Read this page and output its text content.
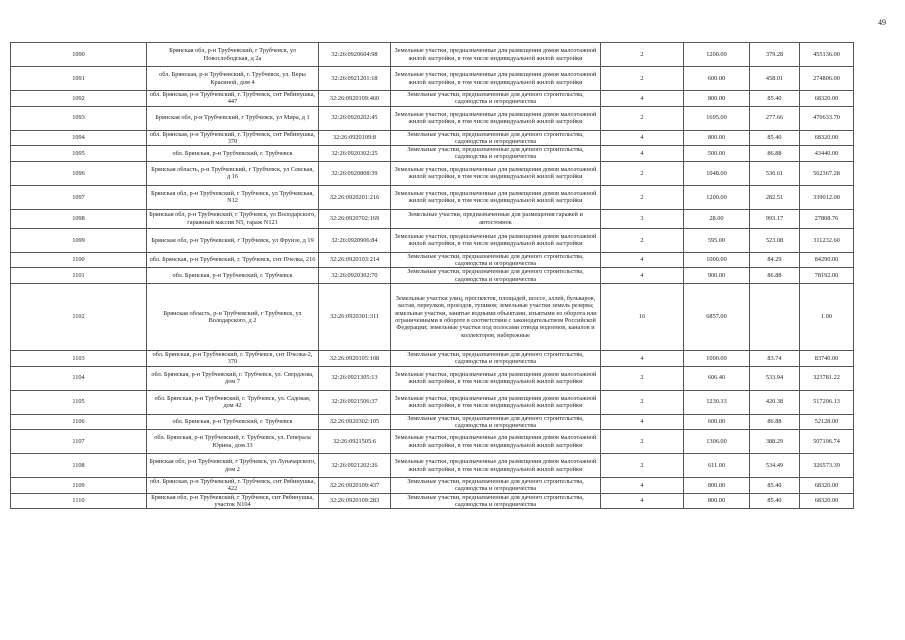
49
1090	Брянская обл, р-н Трубчевский, г Трубчевск, ул Новослободская, д 2а	32:26:0920604:98	Земельные участки, предназначенные для размещения домов малоэтажной жилой застройки, в том числе индивидуальной жилой застройки	2	1200.00	379.28	455136.00
1091	обл. Брянская, р-н Трубчевский, г. Трубчевск, ул. Веры Красиной, дом 4	32:26:0921201:18	Земельные участки, предназначенные для размещения домов малоэтажной жилой застройки, в том числе индивидуальной жилой застройки	2	600.00	458.01	274806.00
1092	обл. Брянская, р-н Трубчевский, г. Трубчевск, снт Рябинушка, 447	32:26:0920109:460	Земельные участки, предназначенные для дачного строительства, садоводства и огородничества	4	800.00	85.40	68320.00
1093	Брянская обл, р-н Трубчевский, г Трубчевск, ул Мира, д 1	32:26:0920202:45	Земельные участки, предназначенные для размещения домов малоэтажной жилой застройки, в том числе индивидуальной жилой застройки	2	1695.00	277.66	470633.70
1094	обл. Брянская, р-н Трубчевский, г. Трубчевск, снт Рябинушка, 370	32:26:0920109:8	Земельные участки, предназначенные для дачного строительства, садоводства и огородничества	4	800.00	85.40	68320.00
1095	обл. Брянская, р-н Трубчевский, г. Трубчевск	32:26:0920302:25	Земельные участки, предназначенные для дачного строительства, садоводства и огородничества	4	500.00	86.88	43440.00
1096	Брянская область, р-н Трубчевский, г Трубчевск, ул Севская, д 16	32:26:0920808:39	Земельные участки, предназначенные для размещения домов малоэтажной жилой застройки, в том числе индивидуальной жилой застройки	2	1048.00	536.61	562367.28
1097	Брянская обл, р-н Трубчевский, г Трубчевск, ул Трубчевская, N12	32:26:0920201:216	Земельные участки, предназначенные для размещения домов малоэтажной жилой застройки, в том числе индивидуальной жилой застройки	2	1200.00	282.51	339012.00
1098	Брянская обл, р-н Трубчевский, г Трубчевск, ул Володарского, гаражный массив N5, гараж N121	32:26:0920702:169	Земельные участки, предназначенные для размещения гаражей и автостоянок	3	28.00	993.17	27808.76
1099	Брянская обл, р-н Трубчевский, г Трубчевск, ул Фрунзе, д 19	32:26:0920906:84	Земельные участки, предназначенные для размещения домов малоэтажной жилой застройки, в том числе индивидуальной жилой застройки	2	595.00	523.08	311232.60
1100	обл. Брянская, р-н Трубчевский, г. Трубчевск, снт Пчелка, 216	32:26:0920103:214	Земельные участки, предназначенные для дачного строительства, садоводства и огородничества	4	1000.00	84.29	84290.00
1101	обл. Брянская, р-н Трубчевский, г. Трубчевск	32:26:0920302:70	Земельные участки, предназначенные для дачного строительства, садоводства и огородничества	4	900.00	86.88	78192.00
1102	Брянская область, р-н Трубчевский, г Трубчевск, ул Володарского, д 2	32:26:0920301:311	Земельные участки улиц, проспектов, площадей, шоссе, аллей, бульваров, застав, переулков, проездов, тупиков; земельные участки земель резерва; земельные участки, занятые водными объектами, изъятыми из оборота или ограниченными в обороте в соответствии с законодательством Российской Федерации; земельные участки под полосами отвода водоемов, каналов и коллекторов, набережные	16	6857.00		1.00
1103	обл. Брянская, р-н Трубчевский, г. Трубчевск, снт Пчелка-2, 370	32:26:0920105:108	Земельные участки, предназначенные для дачного строительства, садоводства и огородничества	4	1000.00	83.74	83740.00
1104	обл. Брянская, р-н Трубчевский, г. Трубчевск, ул. Свердлова, дом 7	32:26:0921305:13	Земельные участки, предназначенные для размещения домов малоэтажной жилой застройки, в том числе индивидуальной жилой застройки	2	606.40	533.94	323781.22
1105	обл. Брянская, р-н Трубчевский, г. Трубчевск, ул. Садовая, дом 42	32:26:0921506:37	Земельные участки, предназначенные для размещения домов малоэтажной жилой застройки, в том числе индивидуальной жилой застройки	2	1230.33	420.38	517206.13
1106	обл. Брянская, р-н Трубчевский, г. Трубчевск	32:26:0920302:105	Земельные участки, предназначенные для дачного строительства, садоводства и огородничества	4	600.00	86.88	52128.00
1107	обл. Брянская, р-н Трубчевский, г. Трубчевск, ул. Генерала Юрина, дом 33	32:26:0921505:6	Земельные участки, предназначенные для размещения домов малоэтажной жилой застройки, в том числе индивидуальной жилой застройки	2	1306.00	388.29	507106.74
1108	Брянская обл, р-н Трубчевский, г Трубчевск, ул Луначарского, дом 2	32:26:0921202:26	Земельные участки, предназначенные для размещения домов малоэтажной жилой застройки, в том числе индивидуальной жилой застройки	2	611.00	534.49	326573.39
1109	обл. Брянская, р-н Трубчевский, г. Трубчевск, снт Рябинушка, 422	32:26:0920109:437	Земельные участки, предназначенные для дачного строительства, садоводства и огородничества	4	800.00	85.40	68320.00
1110	Брянская обл, р-н Трубчевский, г Трубчевск, снт Рябинушка, участок N104	32:26:0920109:283	Земельные участки, предназначенные для дачного строительства, садоводства и огородничества	4	800.00	85.40	68320.00
